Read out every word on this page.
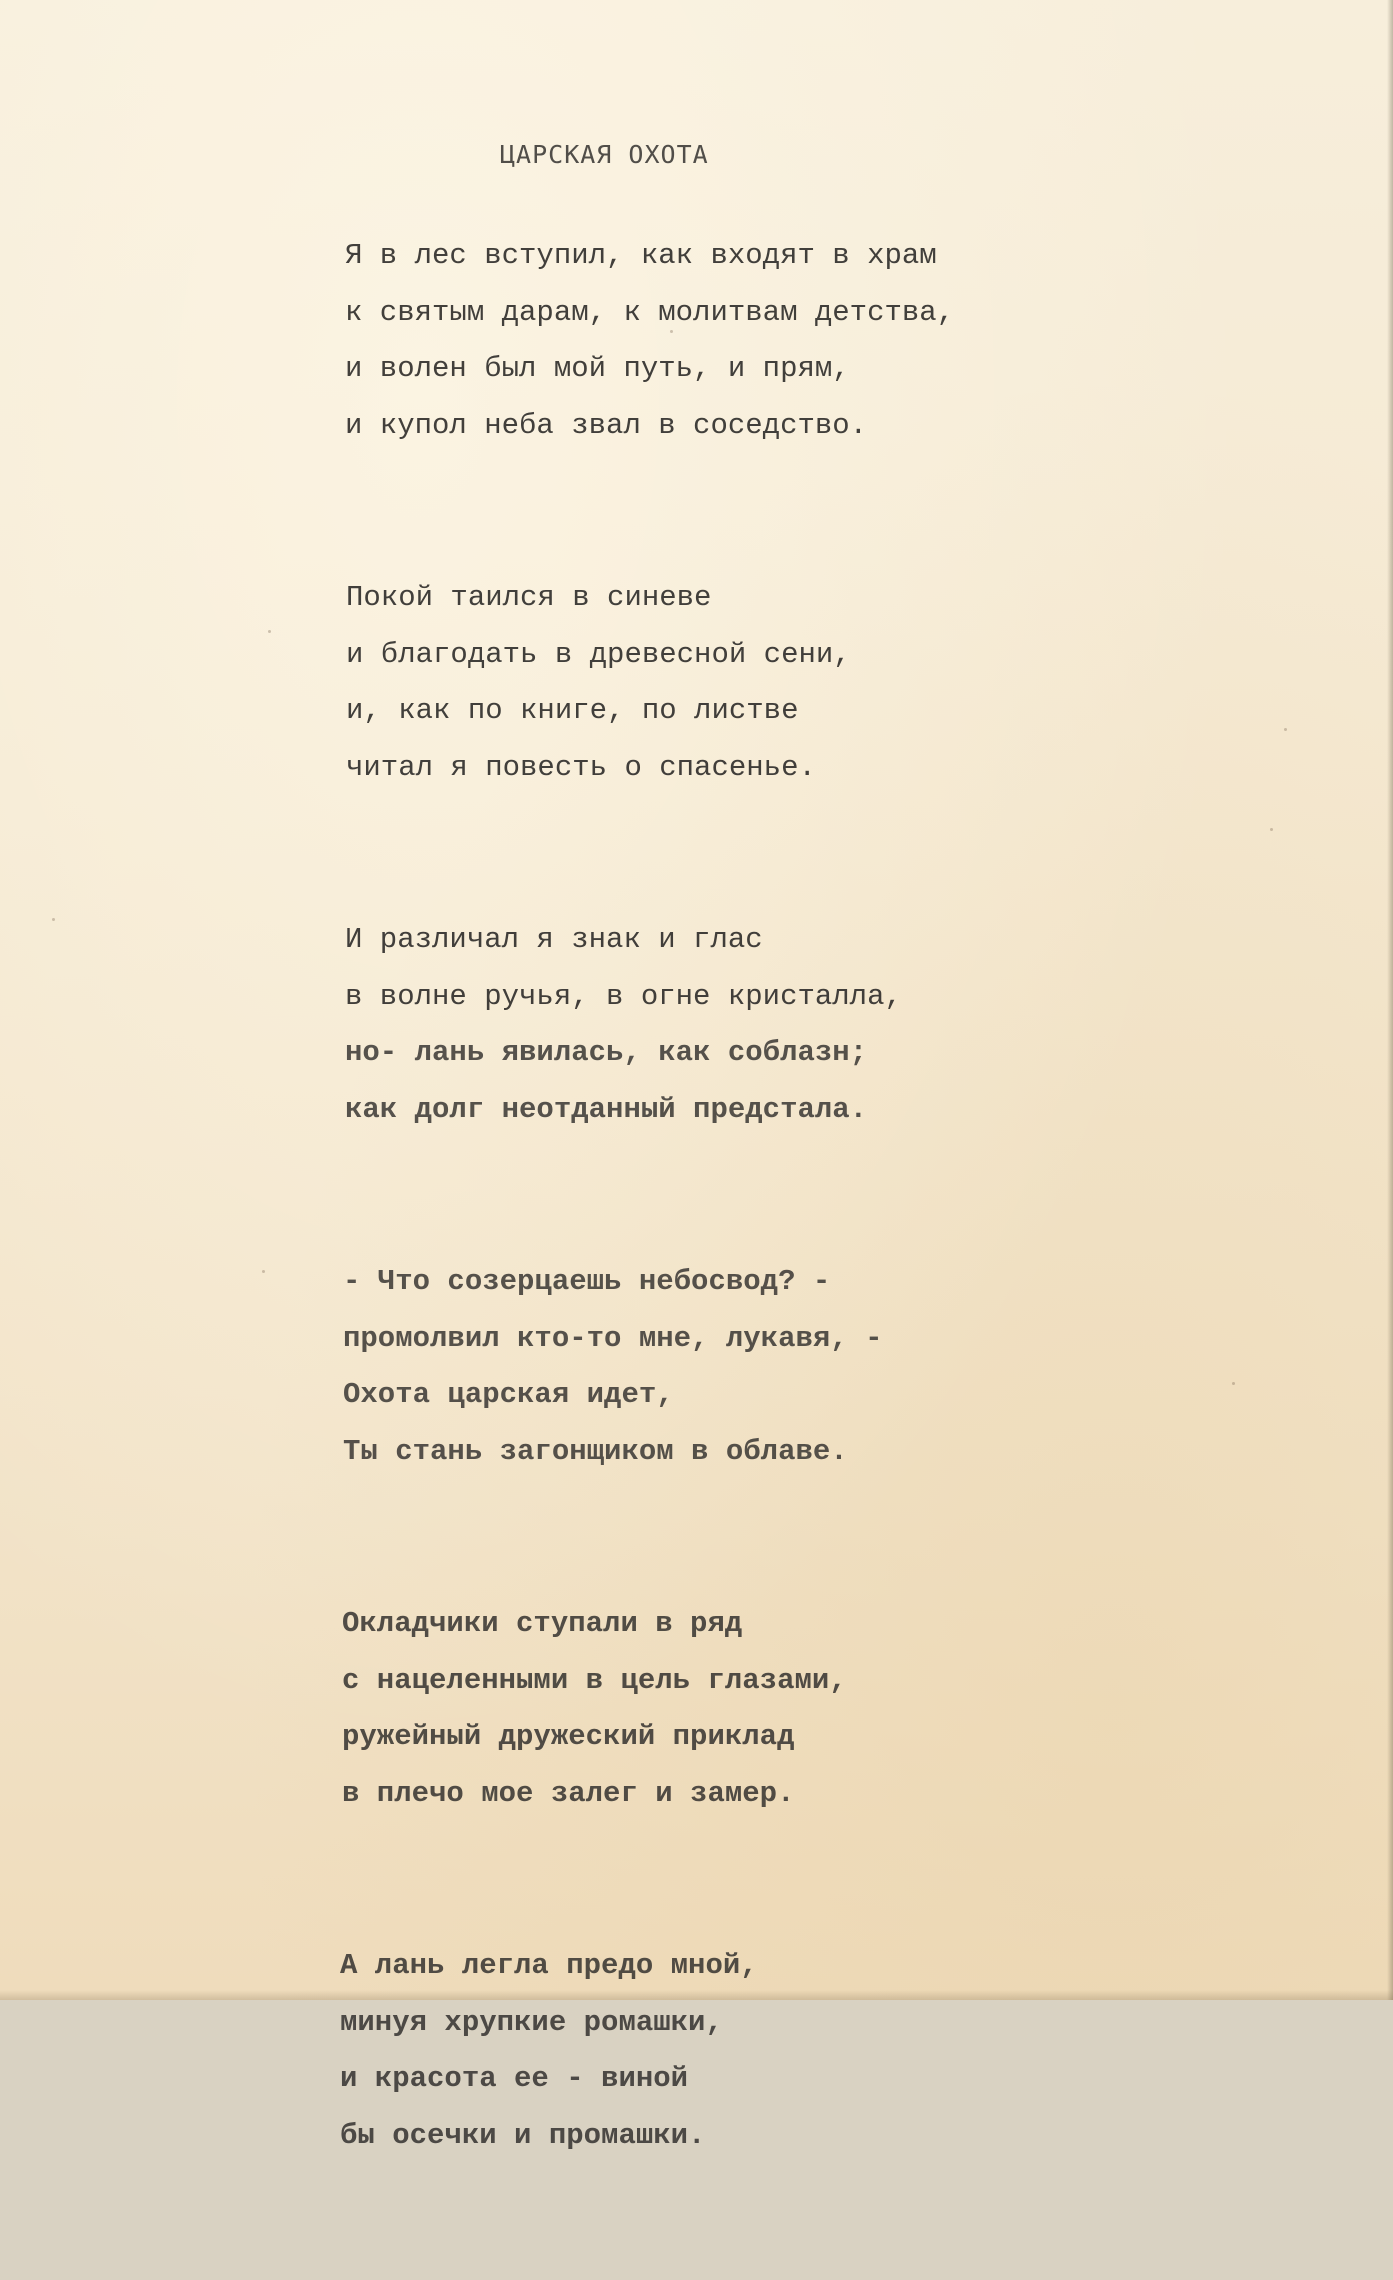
ЦАРСКАЯ ОХОТА
Я в лес вступил, как входят в храм
к святым дарам, к молитвам детства,
и волен был мой путь, и прям,
и купол неба звал в соседство.
Покой таился в синеве
и благодать в древесной сени,
и, как по книге, по листве
читал я повесть о спасенье.
И различал я знак и глас
в волне ручья, в огне кристалла,
но- лань явилась, как соблазн;
как долг неотданный предстала.
- Что созерцаешь небосвод? -
промолвил кто-то мне, лукавя, -
Охота царская идет,
Ты стань загонщиком в облаве.
Окладчики ступали в ряд
с нацеленными в цель глазами,
ружейный дружеский приклад
в плечо мое залег и замер.
А лань легла предо мной,
минуя хрупкие ромашки,
и красота ее - виной
бы осечки и промашки.
